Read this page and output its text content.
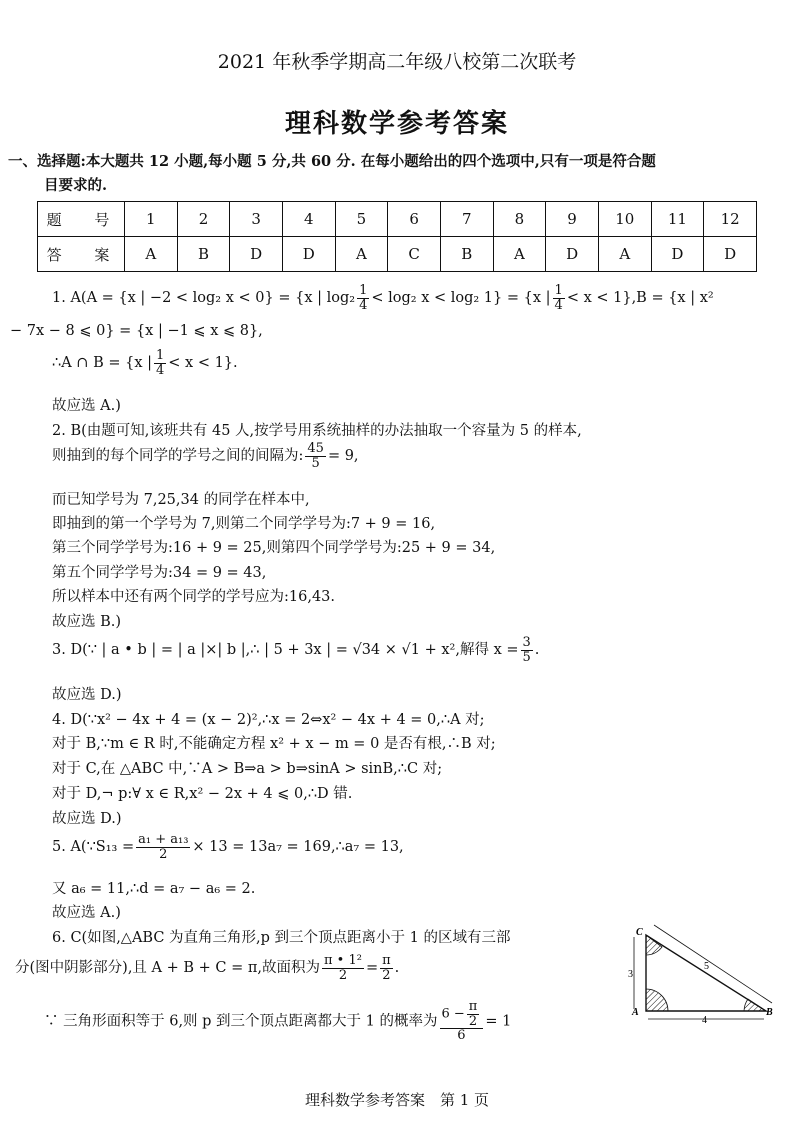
2021 年秋季学期高二年级八校第二次联考
理科数学参考答案
一、选择题:本大题共 12 小题,每小题 5 分,共 60 分. 在每小题给出的四个选项中,只有一项是符合题
目要求的.
题 号	1	2	3	4	5	6	7	8	9	10	11	12
答 案	A	B	D	D	A	C	B	A	D	A	D	D
1. A(A = {x | −2 < log₂ x < 0} = {x | $\log_2 \frac{1}{4} < \log_2$ x < log₂ 1} = {x | $\frac{1}{4} < x < 1\},B = \{x$ | x²
− 7x − 8 ⩽ 0} = {x | −1 ⩽ x ⩽ 8},
∴A ∩ B = {x | $\frac{1}{4} < x < 1$}.
故应选 A.)
2. B(由题可知,该班共有 45 人,按学号用系统抽样的办法抽取一个容量为 5 的样本,
则抽到的每个同学的学号之间的间隔为: $\frac{45}{5} = 9$,
而已知学号为 7,25,34 的同学在样本中,
即抽到的第一个学号为 7,则第二个同学学号为:7 + 9 = 16,
第三个同学学号为:16 + 9 = 25,则第四个同学学号为:25 + 9 = 34,
第五个同学学号为:34 = 9 = 43,
所以样本中还有两个同学的学号应为:16,43.
故应选 B.)
3. D(∵ | a • b | = | a |×| b |,∴ | 5 + 3x | = √34 × √1 + x²,解得 $x = \frac{3}{5}$ .
故应选 D.)
4. D(∵x² − 4x + 4 = (x − 2)²,∴x = 2⇔x² − 4x + 4 = 0,∴A 对;
对于 B,∵m ∈ R 时,不能确定方程 x² + x − m = 0 是否有根,∴B 对;
对于 C,在 △ABC 中,∵A > B⇒a > b⇒sinA > sinB,∴C 对;
对于 D,¬ p:∀ x ∈ R,x² − 2x + 4 ⩽ 0,∴D 错.
故应选 D.)
5. A(∵S₁₃ = $\frac{\text{a₁ + a₁₃}}{2} \times 13 = 13a_7$ = 169,∴a₇ = 13,
又 a₆ = 11,∴d = a₇ − a₆ = 2.
故应选 A.)
6. C(如图,△ABC 为直角三角形,p 到三个顶点距离小于 1 的区域有三部
分(图中阴影部分),且 A + B + C = π,故面积为 $\frac{\text{π • 1²}}{2} = \frac{\pi}{2}$ .
∵ 三角形面积等于 6,则 p 到三个顶点距离都大于 1 的概率为 $\frac{6 - \frac{\pi}{2}}{6} = 1$
C
A	B
3
4
5
理科数学参考答案　第 1 页
